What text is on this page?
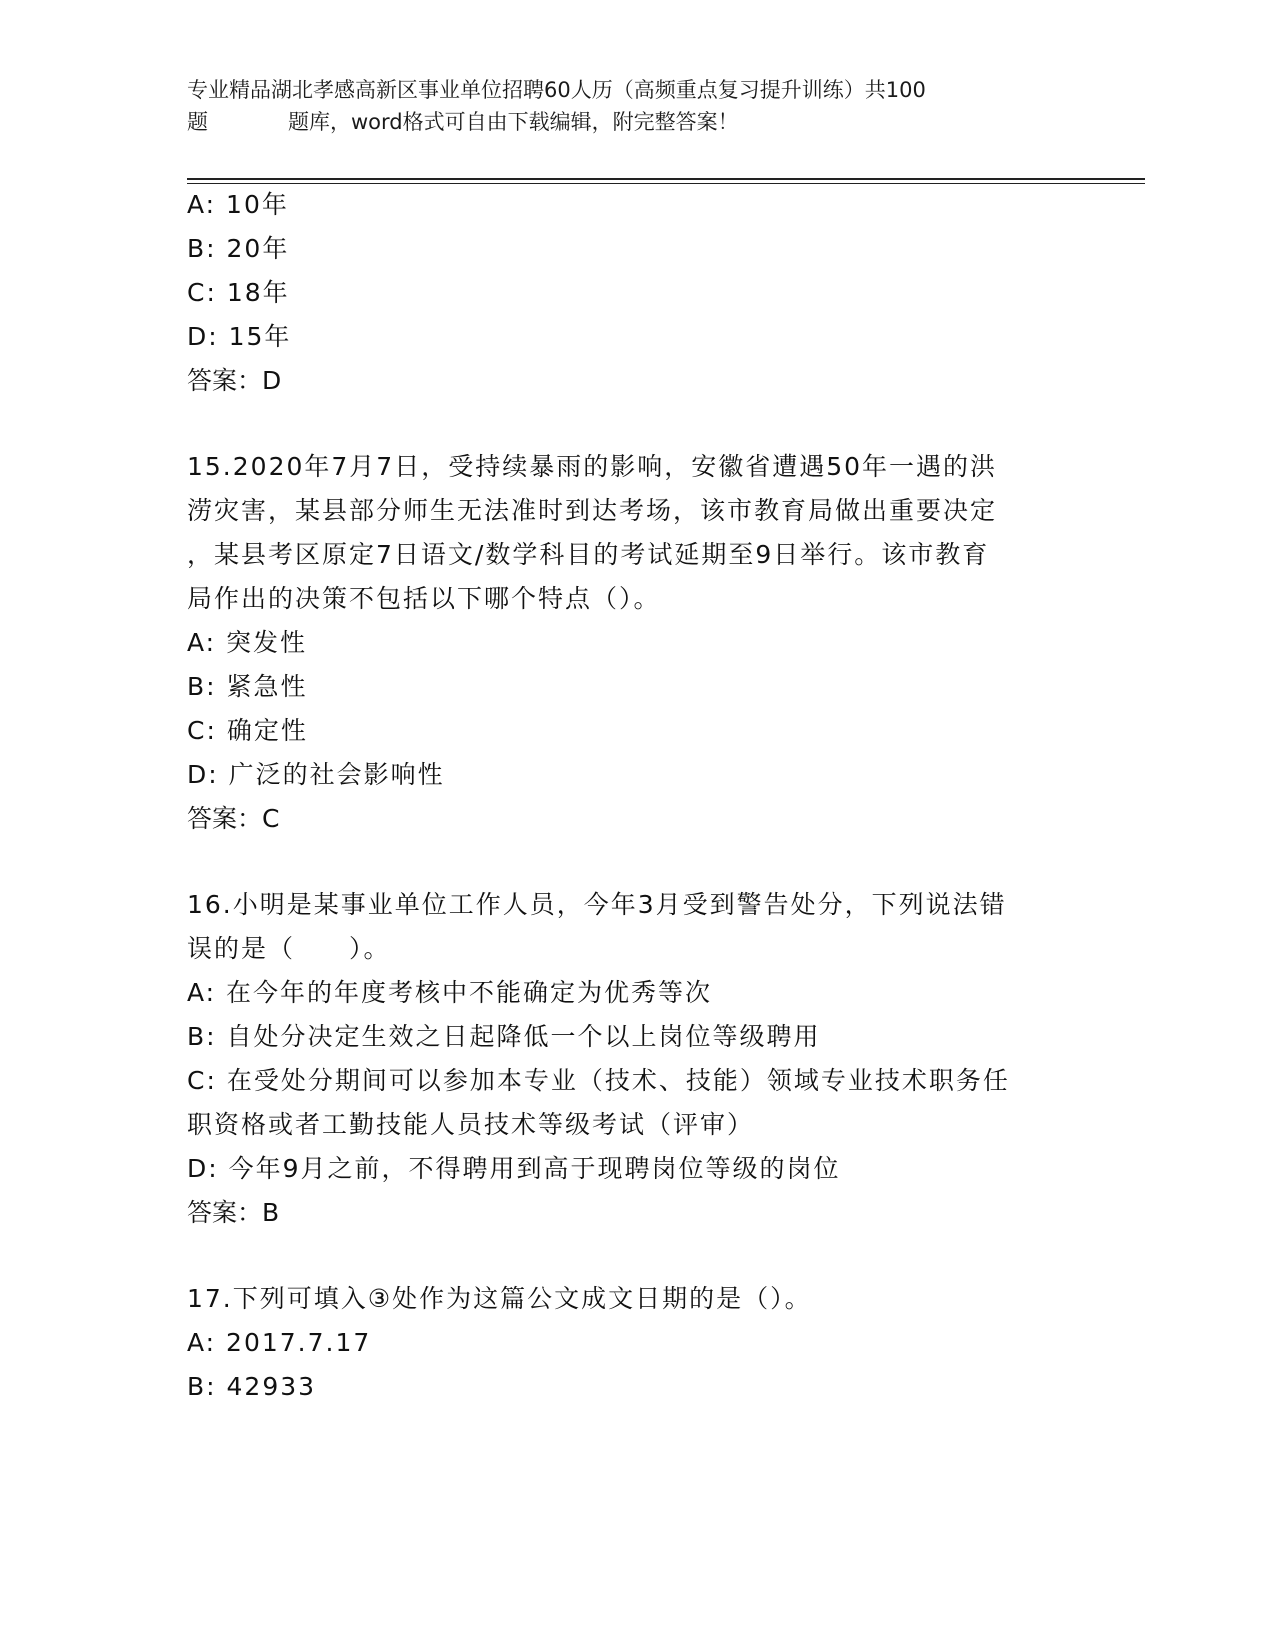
专业精品湖北孝感高新区事业单位招聘60人历（高频重点复习提升训练）共100
题	题库，word格式可自由下载编辑，附完整答案！
A: 10年
B: 20年
C: 18年
D: 15年
答案：D
15.2020年7月7日，受持续暴雨的影响，安徽省遭遇50年一遇的洪
涝灾害，某县部分师生无法准时到达考场，该市教育局做出重要决定
，某县考区原定7日语文/数学科目的考试延期至9日举行。该市教育
局作出的决策不包括以下哪个特点（）。
A: 突发性
B: 紧急性
C: 确定性
D: 广泛的社会影响性
答案：C
16.小明是某事业单位工作人员，今年3月受到警告处分，下列说法错
误的是（　　）。
A: 在今年的年度考核中不能确定为优秀等次
B: 自处分决定生效之日起降低一个以上岗位等级聘用
C: 在受处分期间可以参加本专业（技术、技能）领域专业技术职务任
职资格或者工勤技能人员技术等级考试（评审）
D: 今年9月之前，不得聘用到高于现聘岗位等级的岗位
答案：B
17.下列可填入③处作为这篇公文成文日期的是（）。
A: 2017.7.17
B: 42933
